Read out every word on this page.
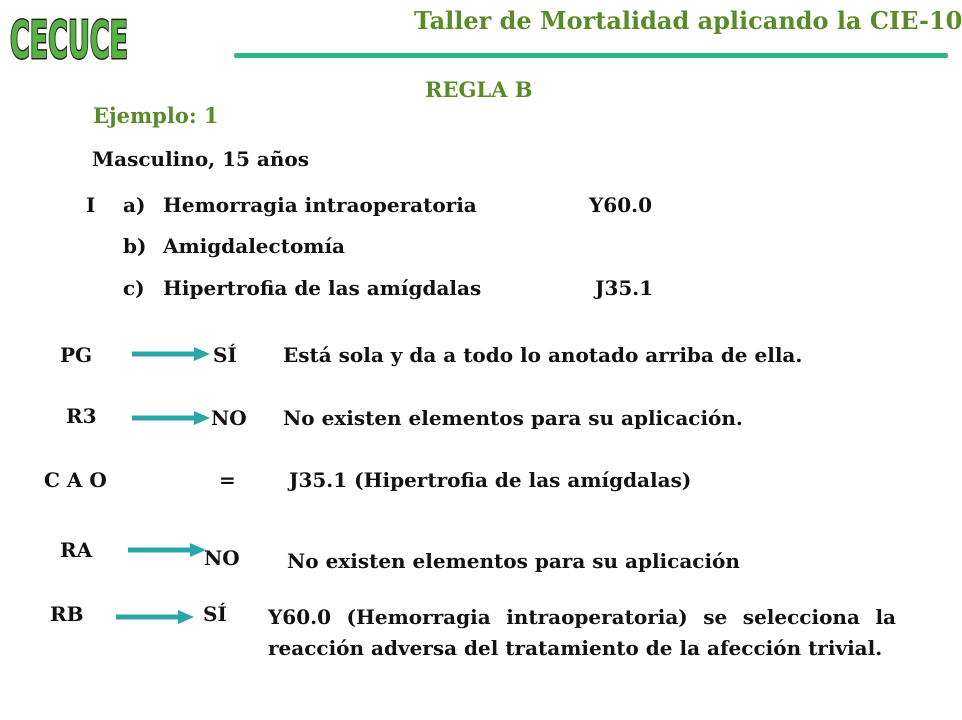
CECUCE	Taller de Mortalidad aplicando la CIE-10
REGLA B
Ejemplo: 1
Masculino, 15 años
I a) Hemorragia intraoperatoria	Y60.0
b) Amigdalectomía
c) Hipertrofia de las amígdalas	J35.1
PG	SÍ Está sola y da a todo lo anotado arriba de ella.
R3	NO No existen elementos para su aplicación.
C A O	=	J35.1 (Hipertrofia de las amígdalas)
RA	NO No existen elementos para su aplicación
RB	SÍ Y60.0 (Hemorragia intraoperatoria) se selecciona la reacción adversa del tratamiento de la afección trivial.
